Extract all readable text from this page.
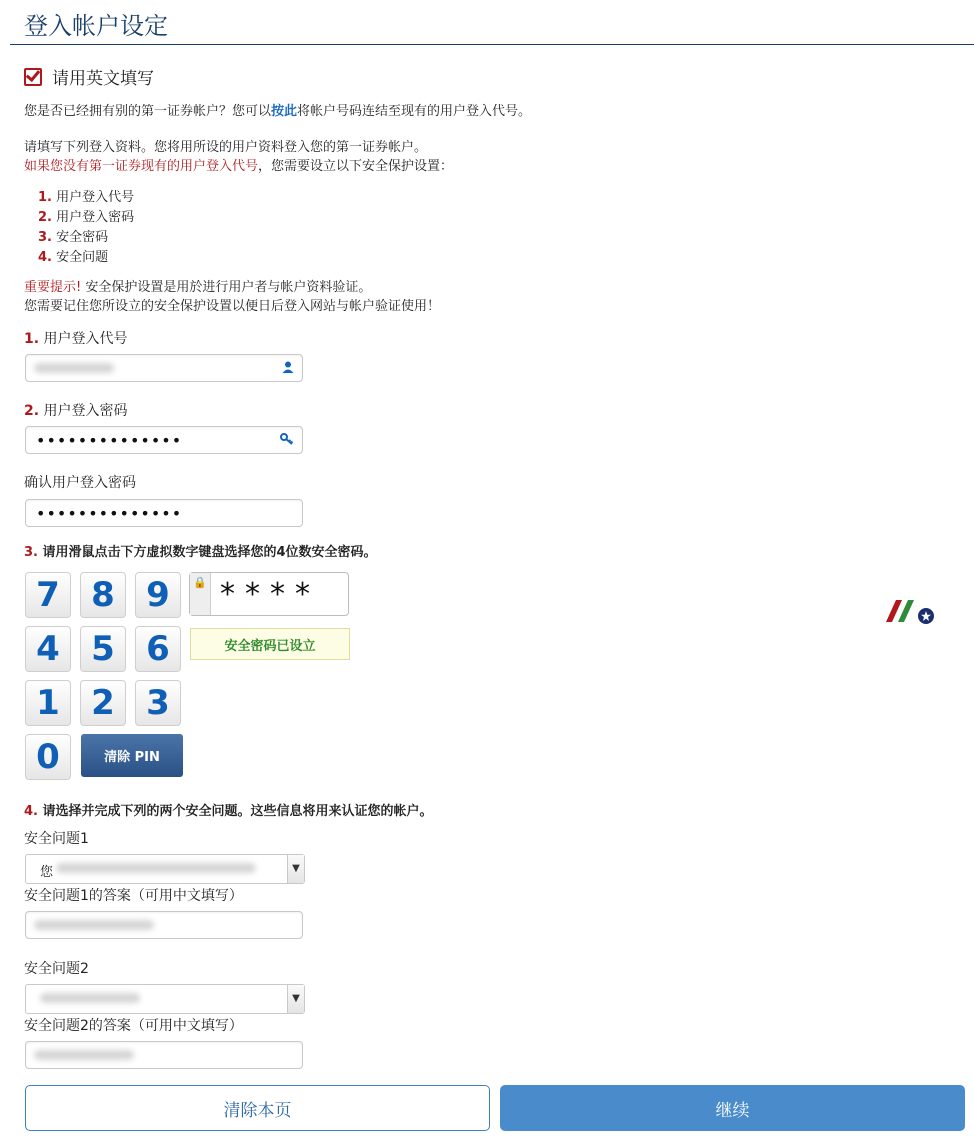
登入帐户设定
请用英文填写
您是否已经拥有别的第一证券帐户？您可以按此将帐户号码连结至现有的用户登入代号。
请填写下列登入资料。您将用所设的用户资料登入您的第一证券帐户。
如果您没有第一证券现有的用户登入代号，您需要设立以下安全保护设置：
1. 用户登入代号
2. 用户登入密码
3. 安全密码
4. 安全问题
重要提示! 安全保护设置是用於进行用户者与帐户资料验证。
您需要记住您所设立的安全保护设置以便日后登入网站与帐户验证使用！
1. 用户登入代号
2. 用户登入密码
••••••••••••••
确认用户登入密码
••••••••••••••
3. 请用滑鼠点击下方虚拟数字键盘选择您的4位数安全密码。
7 8 9
4 5 6
1 2 3
0	清除 PIN
🔒 ****
安全密码已设立
4. 请选择并完成下列的两个安全问题。这些信息将用来认证您的帐户。
安全问题1
您	▼
安全问题1的答案（可用中文填写）
安全问题2
▼
安全问题2的答案（可用中文填写）
清除本页	继续
